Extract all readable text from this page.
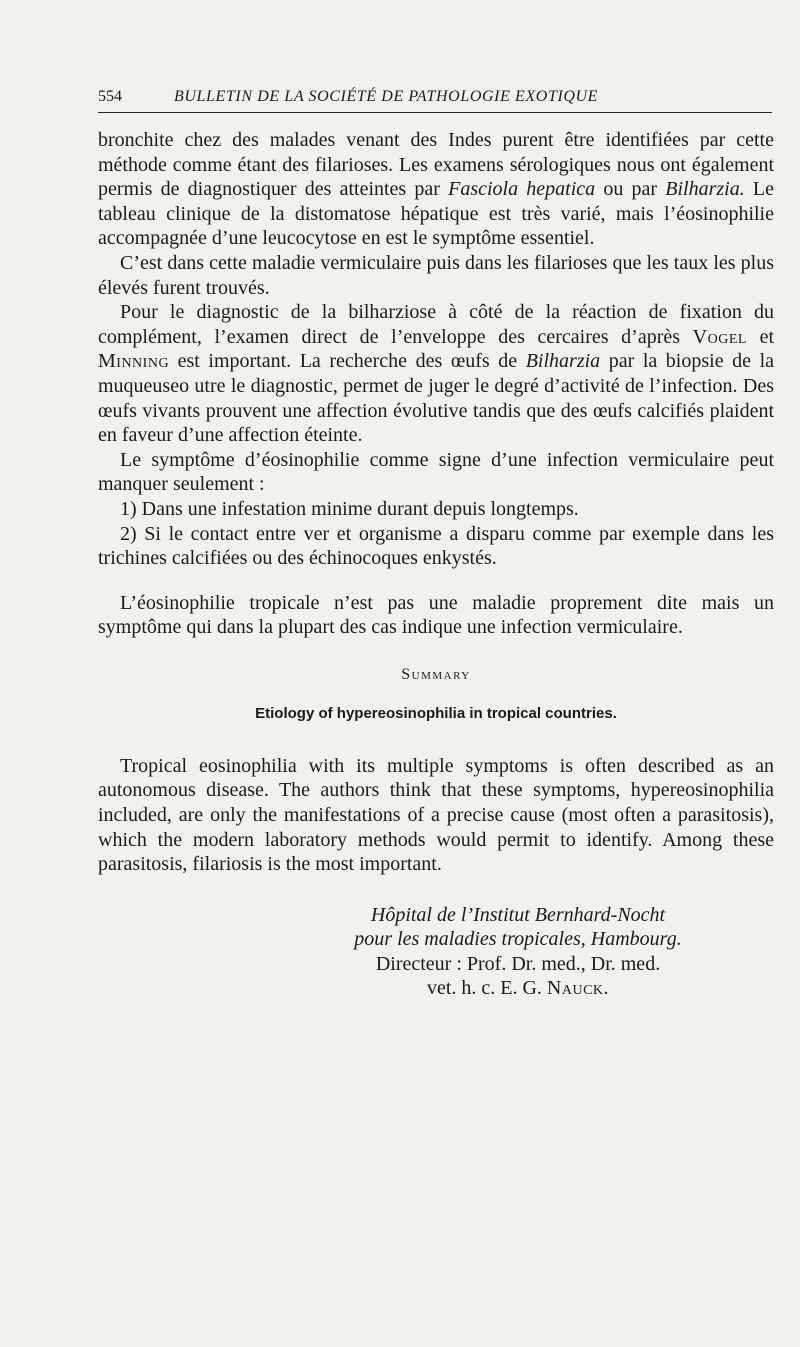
554	BULLETIN DE LA SOCIÉTÉ DE PATHOLOGIE EXOTIQUE

bronchite chez des malades venant des Indes purent être identifiées par cette méthode comme étant des filarioses. Les examens sérologiques nous ont également permis de diagnostiquer des atteintes par Fasciola hepatica ou par Bilharzia. Le tableau clinique de la distomatose hépatique est très varié, mais l’éosinophilie accompagnée d’une leucocytose en est le symptôme essentiel.

C’est dans cette maladie vermiculaire puis dans les filarioses que les taux les plus élevés furent trouvés.

Pour le diagnostic de la bilharziose à côté de la réaction de fixation du complément, l’examen direct de l’enveloppe des cercaires d’après Vogel et Minning est important. La recherche des œufs de Bilharzia par la biopsie de la muqueuseo utre le diagnostic, permet de juger le degré d’activité de l’infection. Des œufs vivants prouvent une affection évolutive tandis que des œufs calcifiés plaident en faveur d’une affection éteinte.

Le symptôme d’éosinophilie comme signe d’une infection vermiculaire peut manquer seulement :

1) Dans une infestation minime durant depuis longtemps.

2) Si le contact entre ver et organisme a disparu comme par exemple dans les trichines calcifiées ou des échinocoques enkystés.

L’éosinophilie tropicale n’est pas une maladie proprement dite mais un symptôme qui dans la plupart des cas indique une infection vermiculaire.

Summary
Etiology of hypereosinophilia in tropical countries.

Tropical eosinophilia with its multiple symptoms is often described as an autonomous disease. The authors think that these symptoms, hypereosinophilia included, are only the manifestations of a precise cause (most often a parasitosis), which the modern laboratory methods would permit to identify. Among these parasitosis, filariosis is the most important.

Hôpital de l’Institut Bernhard-Nocht
pour les maladies tropicales, Hambourg.
Directeur : Prof. Dr. med., Dr. med.
vet. h. c. E. G. Nauck.
